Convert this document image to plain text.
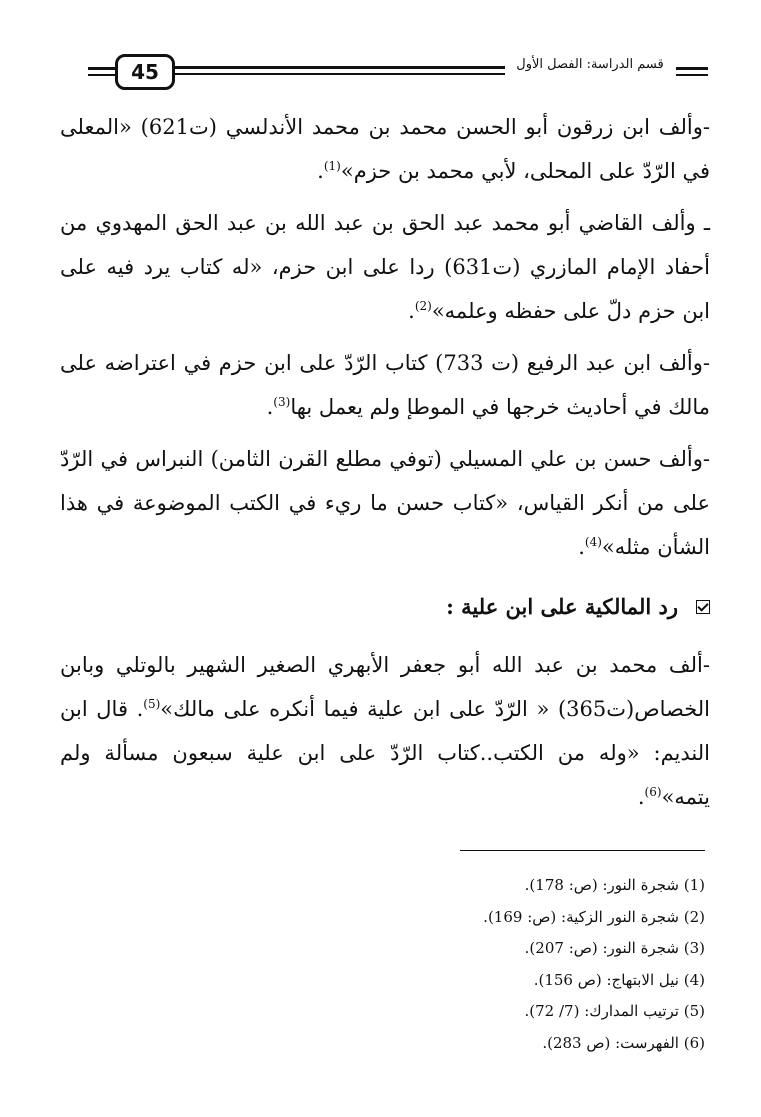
45	قسم الدراسة: الفصل الأول

-وألف ابن زرقون أبو الحسن محمد بن محمد الأندلسي (ت621) «المعلى في الرّدّ على المحلى، لأبي محمد بن حزم»$^{(1)}$.

ـ وألف القاضي أبو محمد عبد الحق بن عبد الله بن عبد الحق المهدوي من أحفاد الإمام المازري (ت631) ردا على ابن حزم، «له كتاب يرد فيه على ابن حزم دلّ على حفظه وعلمه»$^{(2)}$.

-وألف ابن عبد الرفيع (ت 733) كتاب الرّدّ على ابن حزم في اعتراضه على مالك في أحاديث خرجها في الموطإ ولم يعمل بها$^{(3)}$.

-وألف حسن بن علي المسيلي (توفي مطلع القرن الثامن) النبراس في الرّدّ على من أنكر القياس، «كتاب حسن ما ريء في الكتب الموضوعة في هذا الشأن مثله»$^{(4)}$.

رد المالكية على ابن علية :

-ألف محمد بن عبد الله أبو جعفر الأبهري الصغير الشهير بالوتلي وبابن الخصاص(ت365) « الرّدّ على ابن علية فيما أنكره على مالك»$^{(5)}$. قال ابن النديم: «وله من الكتب..كتاب الرّدّ على ابن علية سبعون مسألة ولم يتمه»$^{(6)}$.

(1) شجرة النور: (ص: 178).
(2) شجرة النور الزكية: (ص: 169).
(3) شجرة النور: (ص: 207).
(4) نيل الابتهاج: (ص 156).
(5) ترتيب المدارك: (7/ 72).
(6) الفهرست: (ص 283).
